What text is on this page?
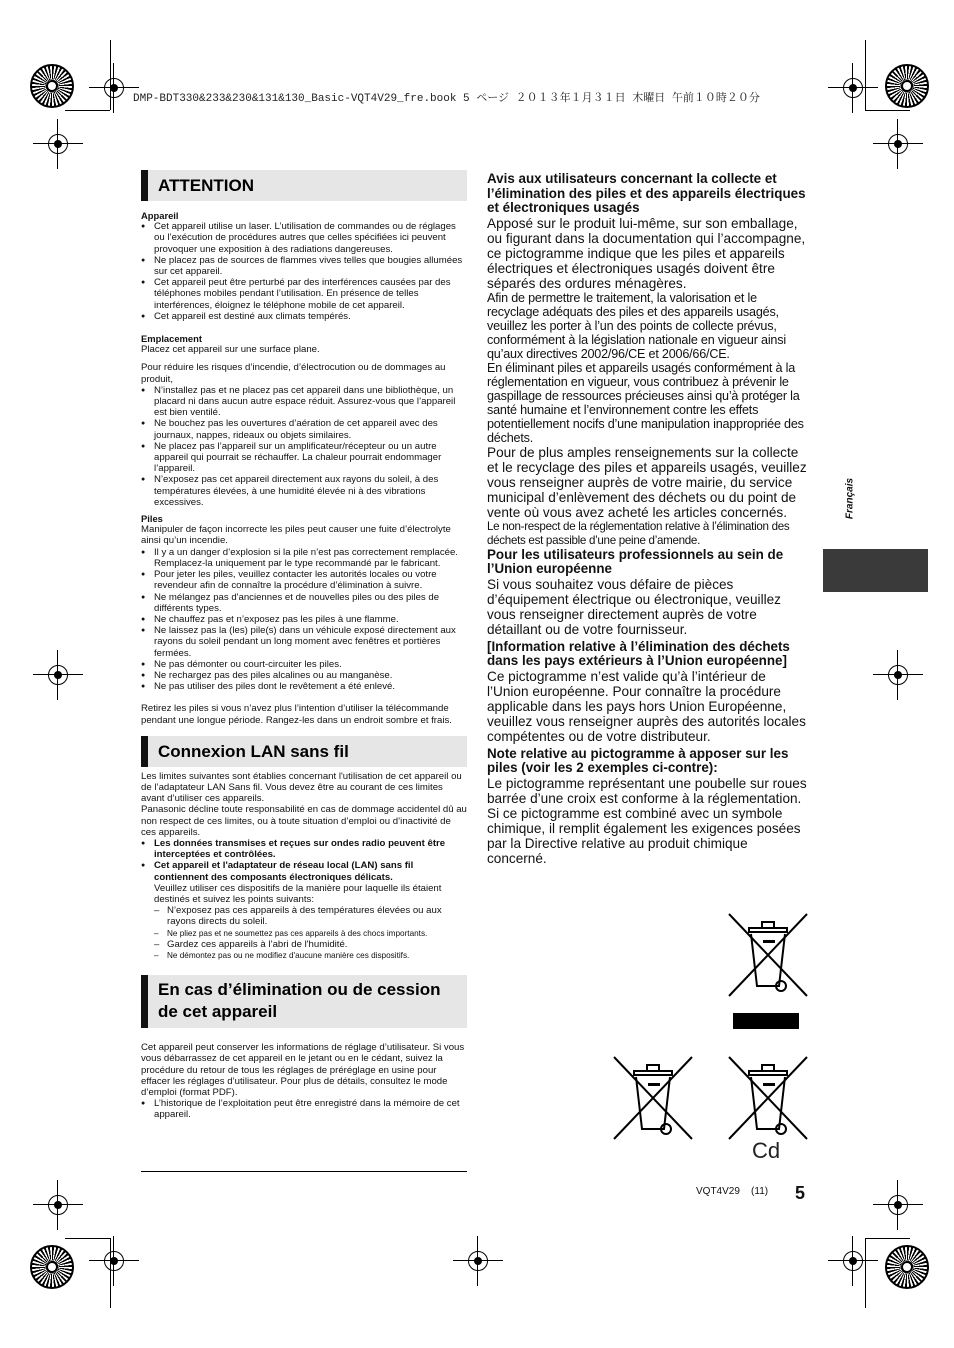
DMP-BDT330&233&230&131&130_Basic-VQT4V29_fre.book 5 ページ ２０１３年１月３１日 木曜日 午前１０時２０分
ATTENTION
Appareil
● Cet appareil utilise un laser. L’utilisation de commandes ou de réglages ou l’exécution de procédures autres que celles spécifiées ici peuvent provoquer une exposition à des radiations dangereuses.
● Ne placez pas de sources de flammes vives telles que bougies allumées sur cet appareil.
● Cet appareil peut être perturbé par des interférences causées par des téléphones mobiles pendant l’utilisation. En présence de telles interférences, éloignez le téléphone mobile de cet appareil.
● Cet appareil est destiné aux climats tempérés.
Emplacement

Placez cet appareil sur une surface plane.

Pour réduire les risques d’incendie, d’électrocution ou de dommages au produit,

● N’installez pas et ne placez pas cet appareil dans une bibliothèque, un placard ni dans aucun autre espace réduit. Assurez-vous que l’appareil est bien ventilé.
● Ne bouchez pas les ouvertures d’aération de cet appareil avec des journaux, nappes, rideaux ou objets similaires.
● Ne placez pas l’appareil sur un amplificateur/récepteur ou un autre appareil qui pourrait se réchauffer. La chaleur pourrait endommager l’appareil.
● N’exposez pas cet appareil directement aux rayons du soleil, à des températures élevées, à une humidité élevée ni à des vibrations excessives.
Piles

Manipuler de façon incorrecte les piles peut causer une fuite d’électrolyte ainsi qu’un incendie.

● Il y a un danger d’explosion si la pile n’est pas correctement remplacée. Remplacez-la uniquement par le type recommandé par le fabricant.
● Pour jeter les piles, veuillez contacter les autorités locales ou votre revendeur afin de connaître la procédure d’élimination à suivre.
● Ne mélangez pas d'anciennes et de nouvelles piles ou des piles de différents types.
● Ne chauffez pas et n’exposez pas les piles à une flamme.
● Ne laissez pas la (les) pile(s) dans un véhicule exposé directement aux rayons du soleil pendant un long moment avec fenêtres et portières fermées.
● Ne pas démonter ou court-circuiter les piles.
● Ne rechargez pas des piles alcalines ou au manganèse.
● Ne pas utiliser des piles dont le revêtement a été enlevé.

Retirez les piles si vous n’avez plus l’intention d’utiliser la télécommande pendant une longue période. Rangez-les dans un endroit sombre et frais.

Connexion LAN sans fil

Les limites suivantes sont établies concernant l'utilisation de cet appareil ou de l’adaptateur LAN Sans fil. Vous devez être au courant de ces limites avant d’utiliser ces appareils.

Panasonic décline toute responsabilité en cas de dommage accidentel dû au non respect de ces limites, ou à toute situation d’emploi ou d’inactivité de ces appareils.

● Les données transmises et reçues sur ondes radio peuvent être interceptées et contrôlées.
● Cet appareil et l'adaptateur de réseau local (LAN) sans fil contiennent des composants électroniques délicats.
Veuillez utiliser ces dispositifs de la manière pour laquelle ils étaient destinés et suivez les points suivants:
– N’exposez pas ces appareils à des températures élevées ou aux rayons directs du soleil.
– Ne pliez pas et ne soumettez pas ces appareils à des chocs importants.
– Gardez ces appareils à l’abri de l'humidité.
– Ne démontez pas ou ne modifiez d'aucune manière ces dispositifs.
En cas d’élimination ou de cession de cet appareil

Cet appareil peut conserver les informations de réglage d’utilisateur. Si vous vous débarrassez de cet appareil en le jetant ou en le cédant, suivez la procédure du retour de tous les réglages de préréglage en usine pour effacer les réglages d’utilisateur. Pour plus de détails, consultez le mode d’emploi (format PDF).

● L’historique de l’exploitation peut être enregistré dans la mémoire de cet appareil.

Avis aux utilisateurs concernant la collecte et l’élimination des piles et des appareils électriques et électroniques usagés

Apposé sur le produit lui-même, sur son emballage, ou figurant dans la documentation qui l’accompagne, ce pictogramme indique que les piles et appareils électriques et électroniques usagés doivent être séparés des ordures ménagères.

Afin de permettre le traitement, la valorisation et le recyclage adéquats des piles et des appareils usagés, veuillez les porter à l’un des points de collecte prévus, conformément à la législation nationale en vigueur ainsi qu’aux directives 2002/96/CE et 2006/66/CE.

En éliminant piles et appareils usagés conformément à la réglementation en vigueur, vous contribuez à prévenir le gaspillage de ressources précieuses ainsi qu’à protéger la santé humaine et l’environnement contre les effets potentiellement nocifs d’une manipulation inappropriée des déchets.

Pour de plus amples renseignements sur la collecte et le recyclage des piles et appareils usagés, veuillez vous renseigner auprès de votre mairie, du service municipal d’enlèvement des déchets ou du point de vente où vous avez acheté les articles concernés.

Le non-respect de la réglementation relative à l’élimination des déchets est passible d’une peine d’amende.

Pour les utilisateurs professionnels au sein de l’Union européenne

Si vous souhaitez vous défaire de pièces d’équipement électrique ou électronique, veuillez vous renseigner directement auprès de votre détaillant ou de votre fournisseur.

[Information relative à l’élimination des déchets dans les pays extérieurs à l’Union européenne]

Ce pictogramme n’est valide qu’à l’intérieur de l’Union européenne. Pour connaître la procédure applicable dans les pays hors Union Européenne, veuillez vous renseigner auprès des autorités locales compétentes ou de votre distributeur.

Note relative au pictogramme à apposer sur les piles (voir les 2 exemples ci-contre):

Le pictogramme représentant une poubelle sur roues barrée d’une croix est conforme à la réglementation. Si ce pictogramme est combiné avec un symbole chimique, il remplit également les exigences posées par la Directive relative au produit chimique concerné.

Français
Cd
VQT4V29 (11) 5
